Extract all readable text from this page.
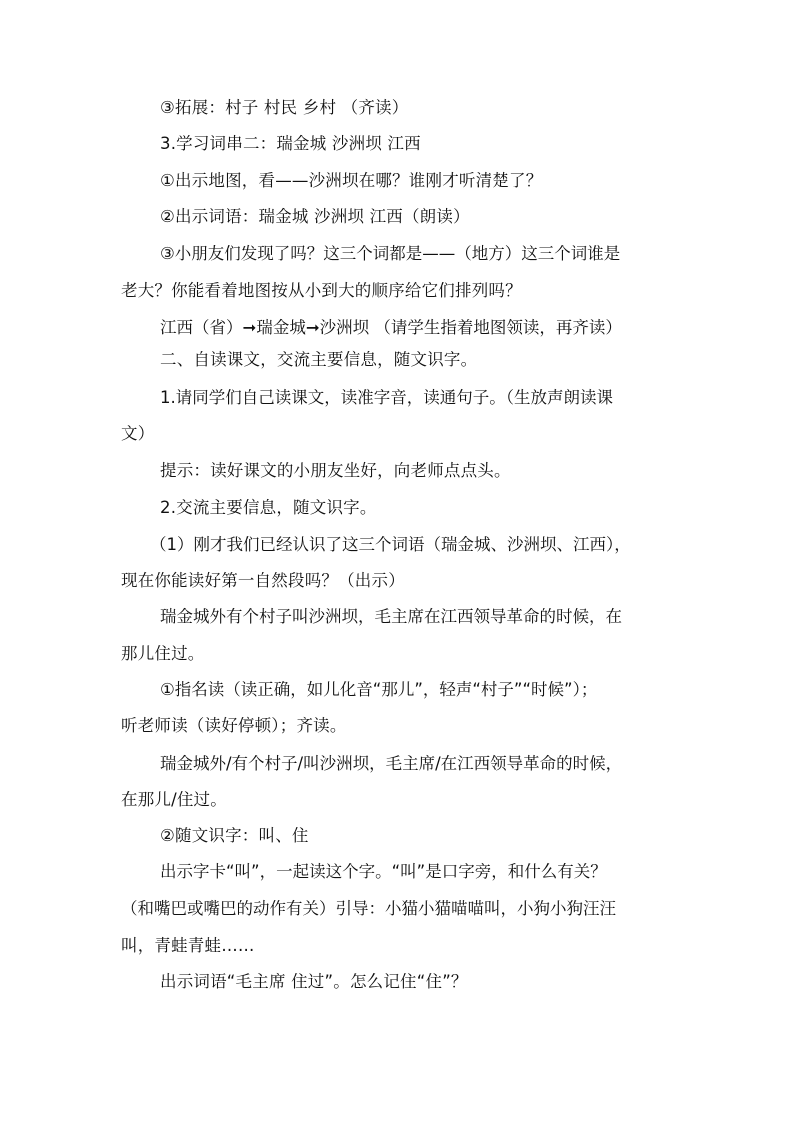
③拓展：村子 村民 乡村 （齐读）
3.学习词串二：瑞金城 沙洲坝 江西
①出示地图，看——沙洲坝在哪？谁刚才听清楚了？
②出示词语：瑞金城 沙洲坝 江西（朗读）
③小朋友们发现了吗？这三个词都是——（地方）这三个词谁是
老大？你能看着地图按从小到大的顺序给它们排列吗？
江西（省）➞瑞金城➞沙洲坝 （请学生指着地图领读，再齐读）
二、自读课文，交流主要信息，随文识字。
1.请同学们自己读课文，读准字音，读通句子。（生放声朗读课
文）
提示：读好课文的小朋友坐好，向老师点点头。
2.交流主要信息，随文识字。
（1）刚才我们已经认识了这三个词语（瑞金城、沙洲坝、江西），
现在你能读好第一自然段吗？（出示）
瑞金城外有个村子叫沙洲坝，毛主席在江西领导革命的时候，在
那儿住过。
①指名读（读正确，如儿化音“那儿”，轻声“村子”“时候”）；
听老师读（读好停顿）；齐读。
瑞金城外/有个村子/叫沙洲坝，毛主席/在江西领导革命的时候，
在那儿/住过。
②随文识字：叫、住
出示字卡“叫”，一起读这个字。“叫”是口字旁，和什么有关？
（和嘴巴或嘴巴的动作有关）引导：小猫小猫喵喵叫，小狗小狗汪汪
叫，青蛙青蛙……
出示词语“毛主席 住过”。怎么记住“住”？
